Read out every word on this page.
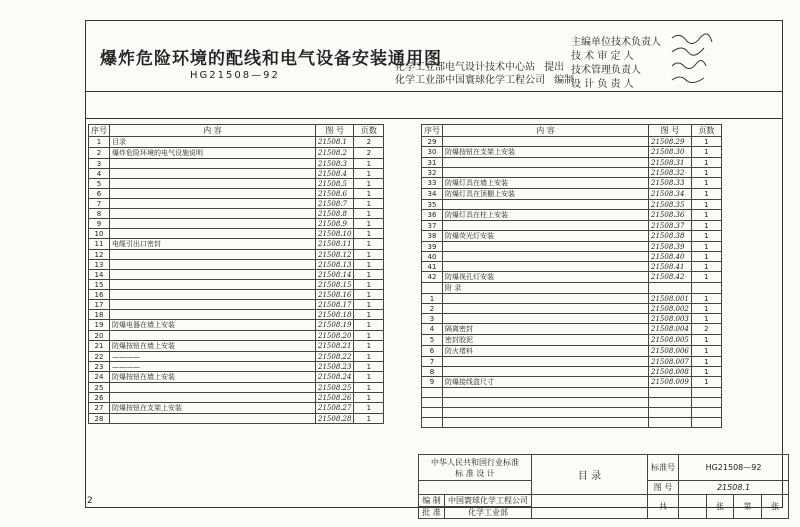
爆炸危险环境的配线和电气设备安装通用图
HG21508—92
化学工业部电气设计技术中心站 提出
化学工业部中国寰球化学工程公司 编制
主编单位技术负责人
技 术 审 定 人
技术管理负责人
设 计 负 责 人
序号	内 容	图 号	页数
1	目录	21508.1	2
2	爆炸危险环境的电气设施说明	21508.2	2
3		21508.3	1
4		21508.4	1
5		21508.5	1
6		21508.6	1
7		21508.7	1
8		21508.8	1
9		21508.9	1
10		21508.10	1
11	电缆引出口密封	21508.11	1
12		21508.12	1
13		21508.13	1
14		21508.14	1
15		21508.15	1
16		21508.16	1
17		21508.17	1
18		21508.18	1
19	防爆电器在墙上安装	21508.19	1
20		21508.20	1
21	防爆按钮在墙上安装	21508.21	1
22	————	21508.22	1
23	————	21508.23	1
24	防爆按钮在墙上安装	21508.24	1
25		21508.25	1
26		21508.26	1
27	防爆按钮在支架上安装	21508.27	1
28		21508.28	1
序号	内 容	图 号	页数
29		21508.29	1
30	防爆按钮在支架上安装	21508.30	1
31		21508.31	1
32		21508.32	1
33	防爆灯具在墙上安装	21508.33	1
34	防爆灯具在顶棚上安装	21508.34	1
35		21508.35	1
36	防爆灯具在柱上安装	21508.36	1
37		21508.37	1
38	防爆荧光灯安装	21508.38	1
39		21508.39	1
40		21508.40	1
41		21508.41	1
42	防爆视孔灯安装	21508.42	1
	附 录		
1		21508.001	1
2		21508.002	1
3		21508.003	1
4	隔离密封	21508.004	2
5	密封胶泥	21508.005	1
6	防火堵料	21508.006	1
7		21508.007	1
8		21508.008	1
9	防爆接线盒尺寸	21508.009	1

中华人民共和国行业标准
标 准 设 计		目 录	标准号	HG21508—92			
			图 号	21508.1			
编 制	中国寰球化学工程公司		共		张	第	张
批 准	化学工业部						
2
